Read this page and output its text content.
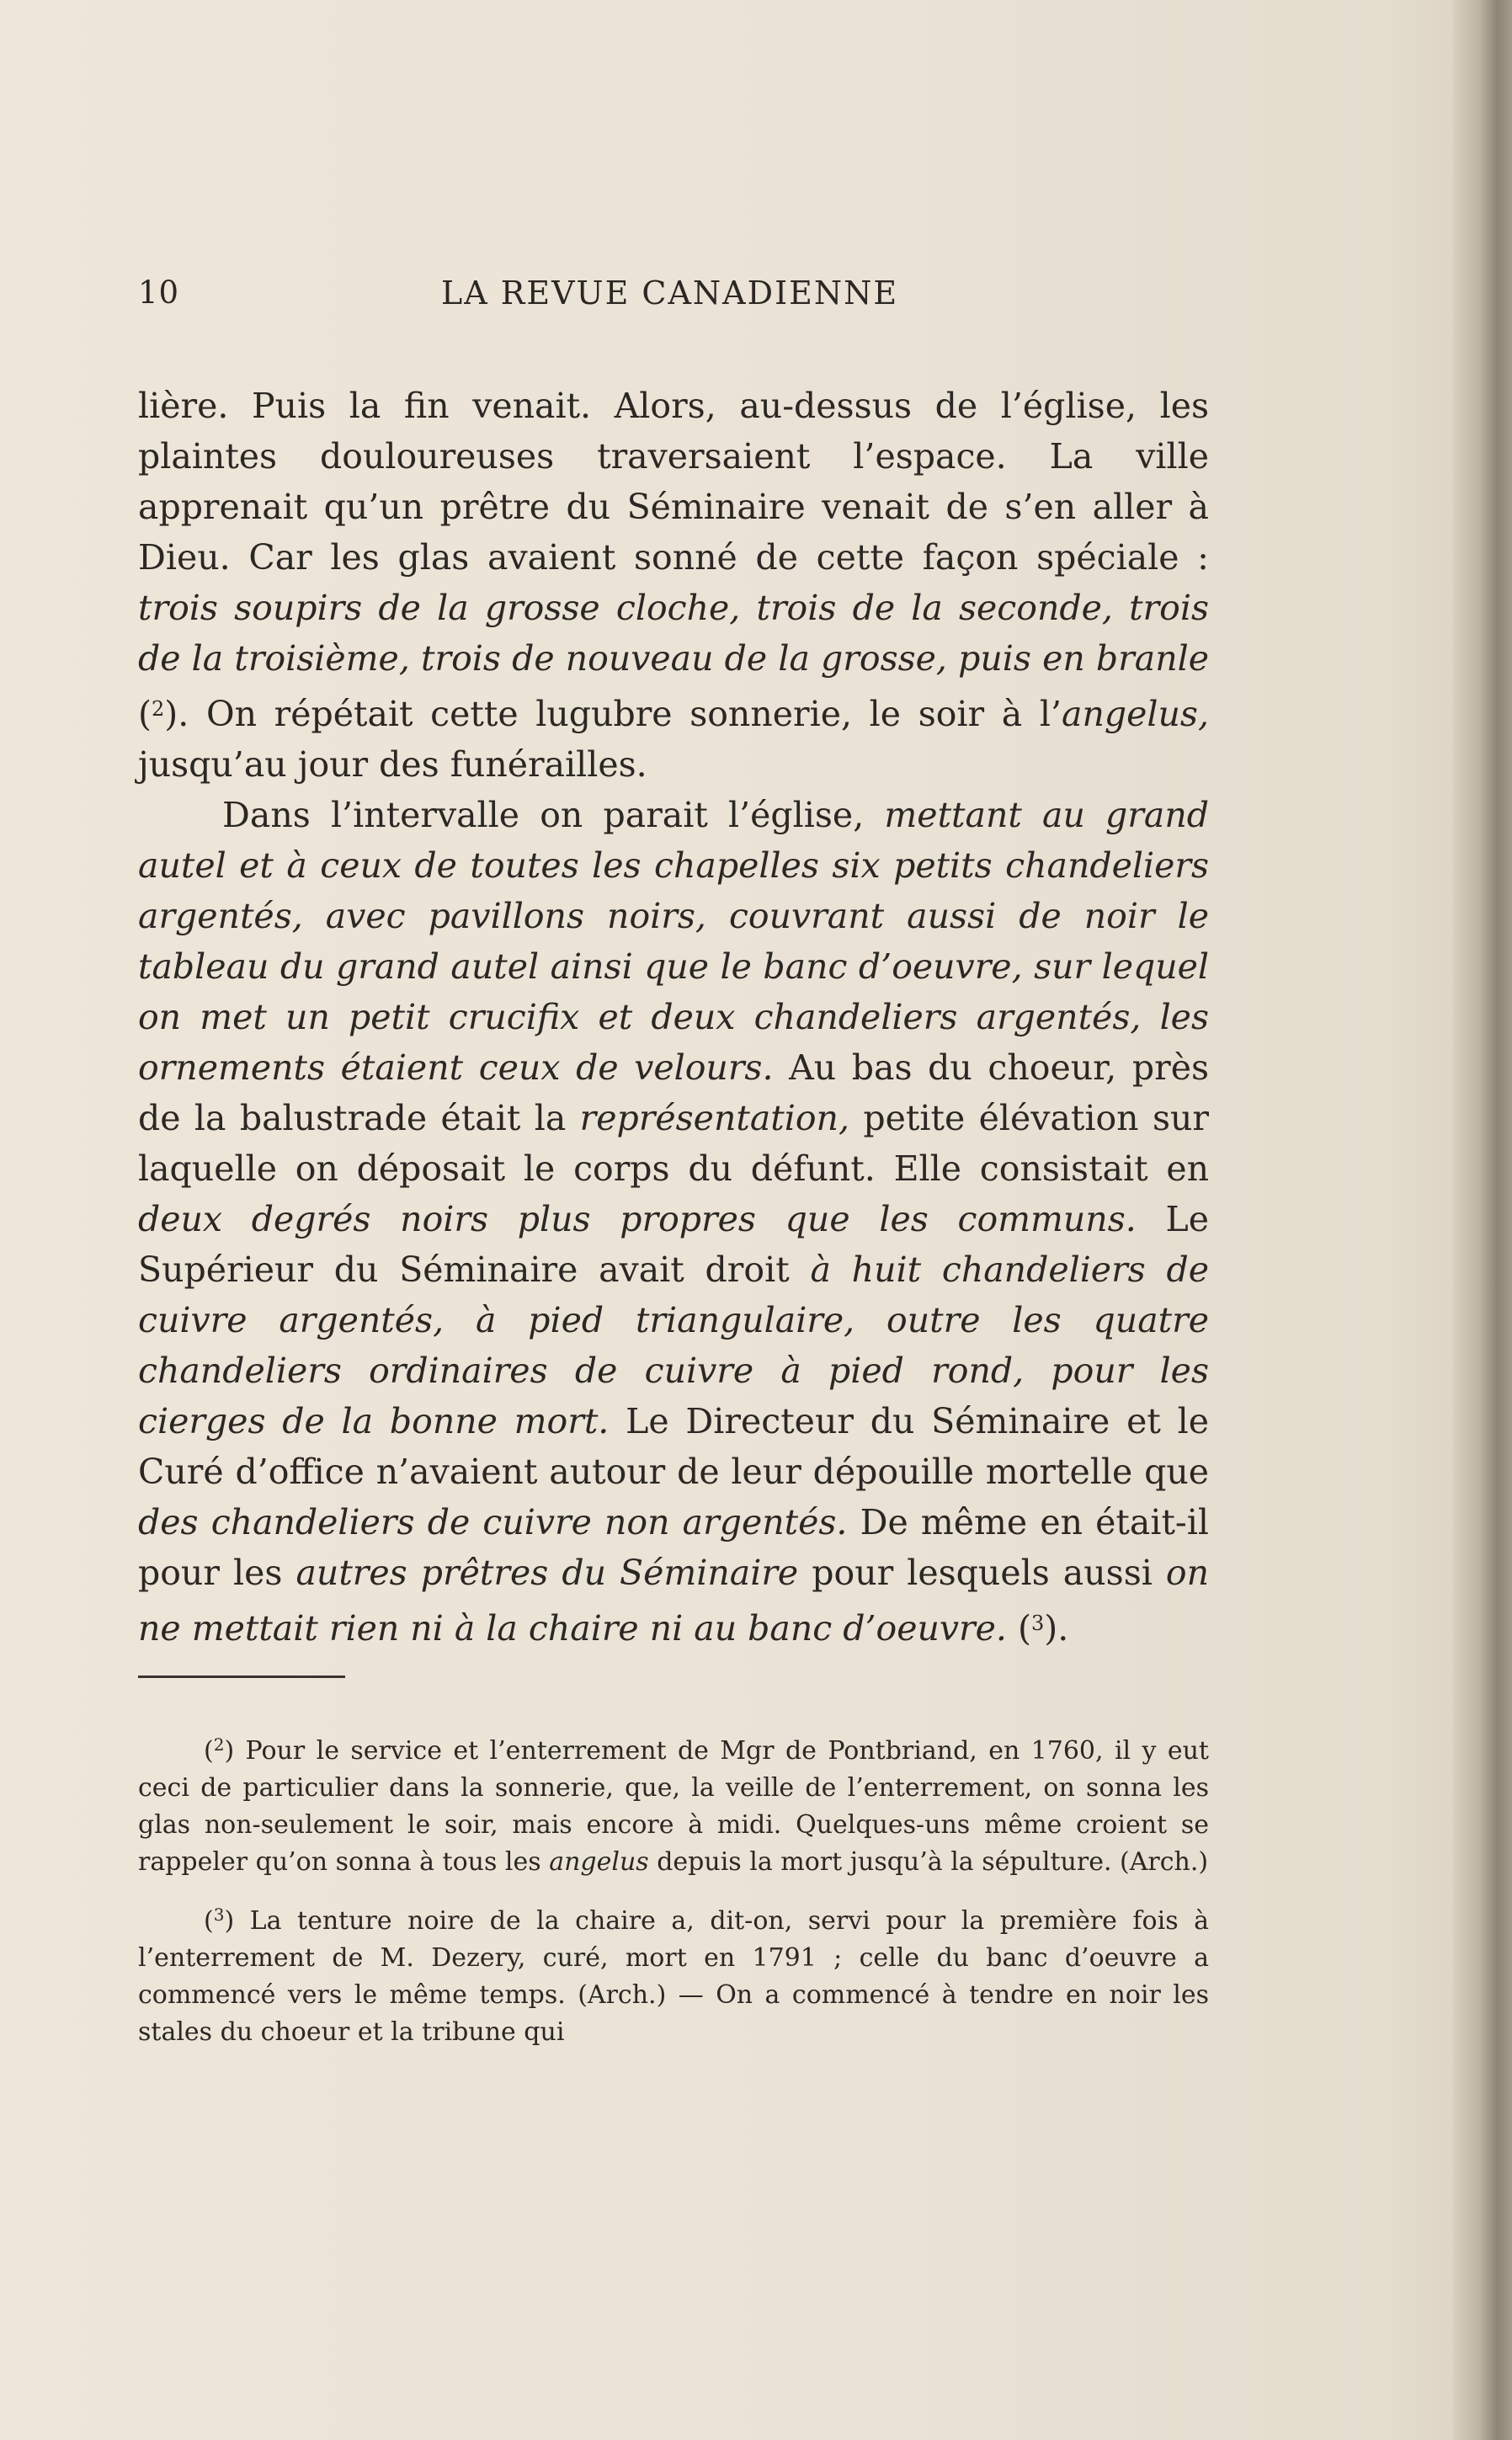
10	LA REVUE CANADIENNE

lière. Puis la fin venait. Alors, au-dessus de l’église, les plaintes douloureuses traversaient l’espace. La ville apprenait qu’un prêtre du Séminaire venait de s’en aller à Dieu. Car les glas avaient sonné de cette façon spéciale : trois soupirs de la grosse cloche, trois de la seconde, trois de la troisième, trois de nouveau de la grosse, puis en branle ($^2$). On répétait cette lugubre sonnerie, le soir à l’angelus, jusqu’au jour des funérailles.

Dans l’intervalle on parait l’église, mettant au grand autel et à ceux de toutes les chapelles six petits chandeliers argentés, avec pavillons noirs, couvrant aussi de noir le tableau du grand autel ainsi que le banc d’oeuvre, sur lequel on met un petit crucifix et deux chandeliers argentés, les ornements étaient ceux de velours. Au bas du choeur, près de la balustrade était la représentation, petite élévation sur laquelle on déposait le corps du défunt. Elle consistait en deux degrés noirs plus propres que les communs. Le Supérieur du Séminaire avait droit à huit chandeliers de cuivre argentés, à pied triangulaire, outre les quatre chandeliers ordinaires de cuivre à pied rond, pour les cierges de la bonne mort. Le Directeur du Séminaire et le Curé d’office n’avaient autour de leur dépouille mortelle que des chandeliers de cuivre non argentés. De même en était-il pour les autres prêtres du Séminaire pour lesquels aussi on ne mettait rien ni à la chaire ni au banc d’oeuvre. ($^3$).

($^2$) Pour le service et l’enterrement de Mgr de Pontbriand, en 1760, il y eut ceci de particulier dans la sonnerie, que, la veille de l’enterrement, on sonna les glas non-seulement le soir, mais encore à midi. Quelques-uns même croient se rappeler qu’on sonna à tous les angelus depuis la mort jusqu’à la sépulture. (Arch.)

($^3$) La tenture noire de la chaire a, dit-on, servi pour la première fois à l’enterrement de M. Dezery, curé, mort en 1791 ; celle du banc d’oeuvre a commencé vers le même temps. (Arch.) — On a commencé à tendre en noir les stales du choeur et la tribune qui
